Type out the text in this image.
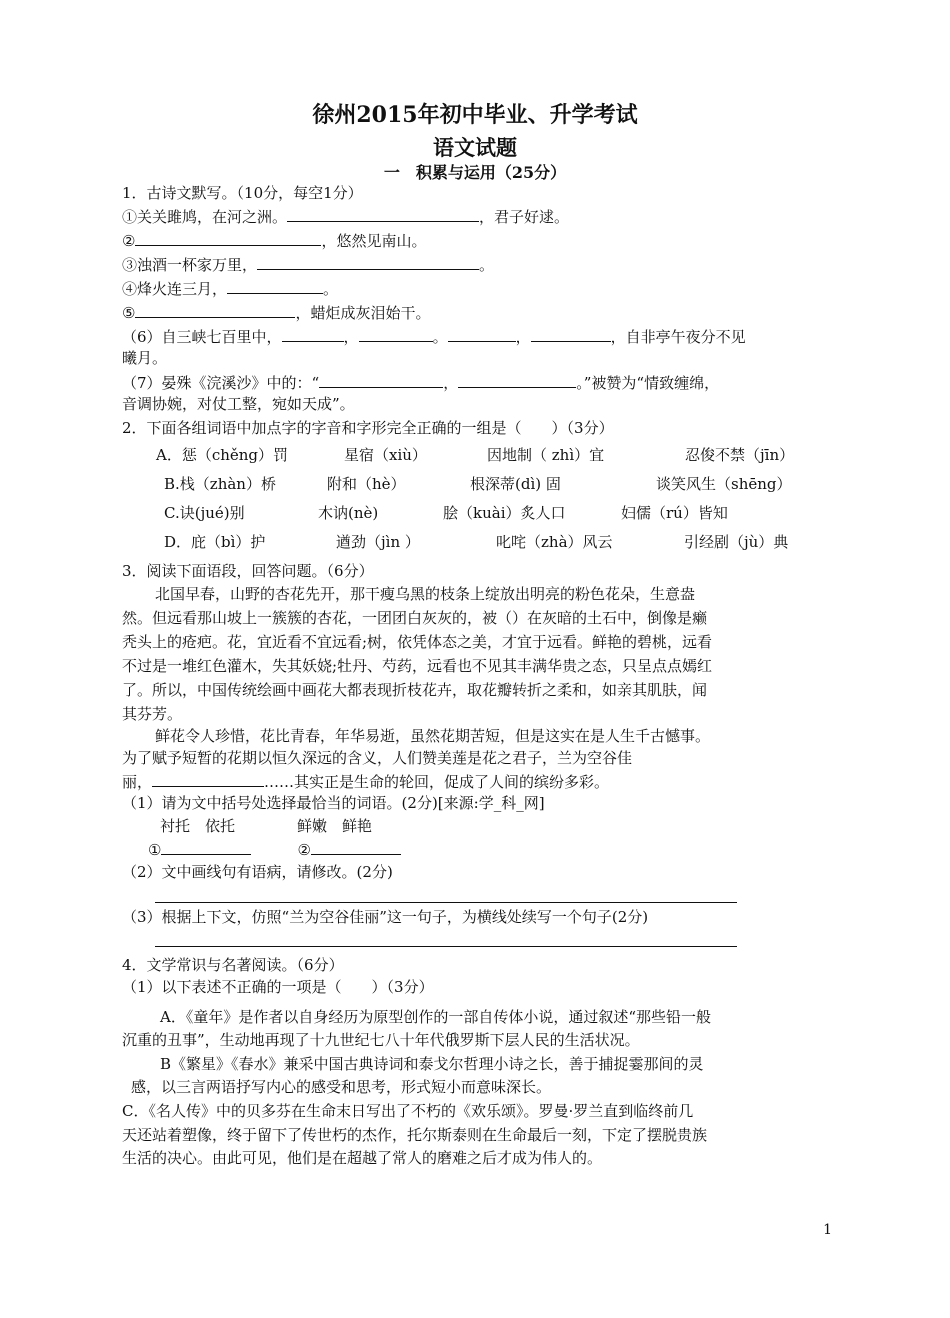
徐州2015年初中毕业、升学考试
语文试题
一　积累与运用（25分）
1．古诗文默写。（10分，每空1分）
①关关雎鸠，在河之洲。	，君子好逑。
②	，悠然见南山。
③浊酒一杯家万里，	。
④烽火连三月，	。
⑤	，蜡炬成灰泪始干。
（6）自三峡七百里中，	，	。	，	，自非亭午夜分不见
曦月。
（7）晏殊《浣溪沙》中的：“	，	。”被赞为“情致缠绵，
音调协婉，对仗工整，宛如天成”。
2．下面各组词语中加点字的字音和字形完全正确的一组是（　　）（3分）
A．惩（chěng）罚	星宿（xiù）	因地制（ zhì）宜	忍俊不禁（jīn）
B.栈（zhàn）桥	附和（hè）	根深蒂(dì) 固	谈笑风生（shēng）
C.诀(jué)别	木讷(nè)	脍（kuài）炙人口	妇儒（rú）皆知
D．庇（bì）护	遒劲（jìn ）	叱咤（zhà）风云	引经剧（jù）典
3．阅读下面语段，回答问题。（6分）
北国早春，山野的杏花先开，那干瘦乌黑的枝条上绽放出明亮的粉色花朵，生意盎
然。但远看那山坡上一簇簇的杏花，一团团白灰灰的，被（）在灰暗的土石中，倒像是癞
秃头上的疮疤。花，宜近看不宜远看;树，依凭体态之美，才宜于远看。鲜艳的碧桃，远看
不过是一堆红色灌木，失其妖娆;牡丹、芍药，远看也不见其丰满华贵之态，只呈点点嫣红
了。所以，中国传统绘画中画花大都表现折枝花卉，取花瓣转折之柔和，如亲其肌肤，闻
其芬芳。
鲜花令人珍惜，花比青春，年华易逝，虽然花期苦短，但是这实在是人生千古憾事。
为了赋予短暂的花期以恒久深远的含义，人们赞美莲是花之君子，兰为空谷佳
丽，	……其实正是生命的轮回，促成了人间的缤纷多彩。
（1）请为文中括号处选择最恰当的词语。(2分)[来源:学_科_网]
衬托　依托	鲜嫩　鲜艳
①	②
（2）文中画线句有语病，请修改。(2分)
（3）根据上下文，仿照“兰为空谷佳丽”这一句子，为横线处续写一个句子(2分)
4．文学常识与名著阅读。（6分）
（1）以下表述不正确的一项是（　　）（3分）
A．《童年》是作者以自身经历为原型创作的一部自传体小说，通过叙述“那些铅一般
沉重的丑事”，生动地再现了十九世纪七八十年代俄罗斯下层人民的生活状况。
B《繁星》《春水》兼采中国古典诗词和泰戈尔哲理小诗之长，善于捕捉霎那间的灵
感，以三言两语抒写内心的感受和思考，形式短小而意味深长。
C．《名人传》中的贝多芬在生命末日写出了不朽的《欢乐颂》。罗曼·罗兰直到临终前几
天还站着塑像，终于留下了传世朽的杰作，托尔斯泰则在生命最后一刻，下定了摆脱贵族
生活的决心。由此可见，他们是在超越了常人的磨难之后才成为伟人的。
1
